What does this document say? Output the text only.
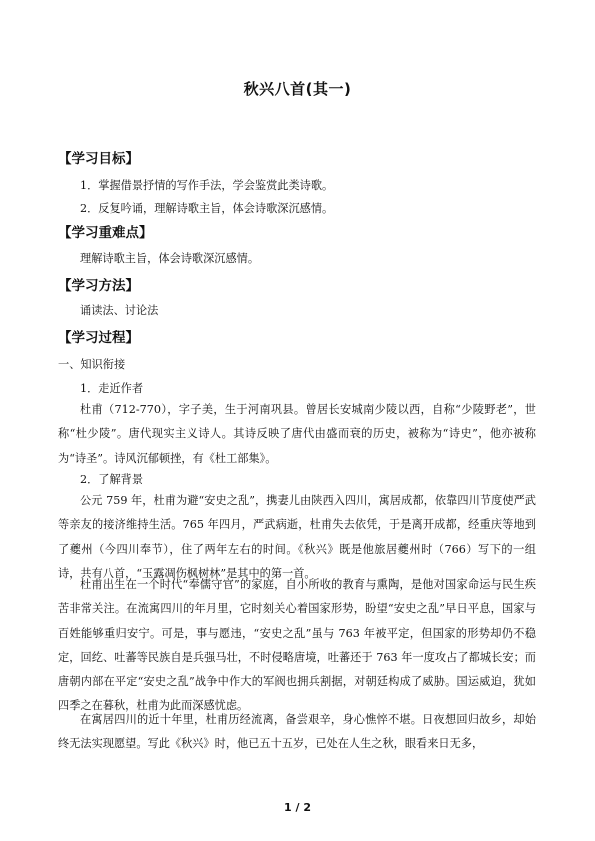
秋兴八首(其一)
【学习目标】
1．掌握借景抒情的写作手法，学会鉴赏此类诗歌。
2．反复吟诵，理解诗歌主旨，体会诗歌深沉感情。
【学习重难点】
理解诗歌主旨，体会诗歌深沉感情。
【学习方法】
诵读法、讨论法
【学习过程】
一、知识衔接
1．走近作者
杜甫（712-770），字子美，生于河南巩县。曾居长安城南少陵以西，自称“少陵野老”，世称“杜少陵”。唐代现实主义诗人。其诗反映了唐代由盛而衰的历史，被称为“诗史”，他亦被称为“诗圣”。诗风沉郁顿挫，有《杜工部集》。
2．了解背景
公元 759 年，杜甫为避“安史之乱”，携妻儿由陕西入四川，寓居成都，依靠四川节度使严武等亲友的接济维持生活。765 年四月，严武病逝，杜甫失去依凭，于是离开成都，经重庆等地到了夔州（今四川奉节），住了两年左右的时间。《秋兴》既是他旅居夔州时（766）写下的一组诗，共有八首，“玉露凋伤枫树林”是其中的第一首。
杜甫出生在一个时代“奉儒守官”的家庭，自小所收的教育与熏陶，是他对国家命运与民生疾苦非常关注。在流寓四川的年月里，它时刻关心着国家形势，盼望“安史之乱”早日平息，国家与百姓能够重归安宁。可是，事与愿违，“安史之乱”虽与 763 年被平定，但国家的形势却仍不稳定，回纥、吐蕃等民族自是兵强马壮，不时侵略唐境，吐蕃还于 763 年一度攻占了都城长安；而唐朝内部在平定“安史之乱”战争中作大的军阀也拥兵割据，对朝廷构成了威胁。国运威迫，犹如四季之在暮秋，杜甫为此而深感忧虑。
在寓居四川的近十年里，杜甫历经流离，备尝艰辛，身心憔悴不堪。日夜想回归故乡，却始终无法实现愿望。写此《秋兴》时，他已五十五岁，已处在人生之秋，眼看来日无多，
1 / 2
